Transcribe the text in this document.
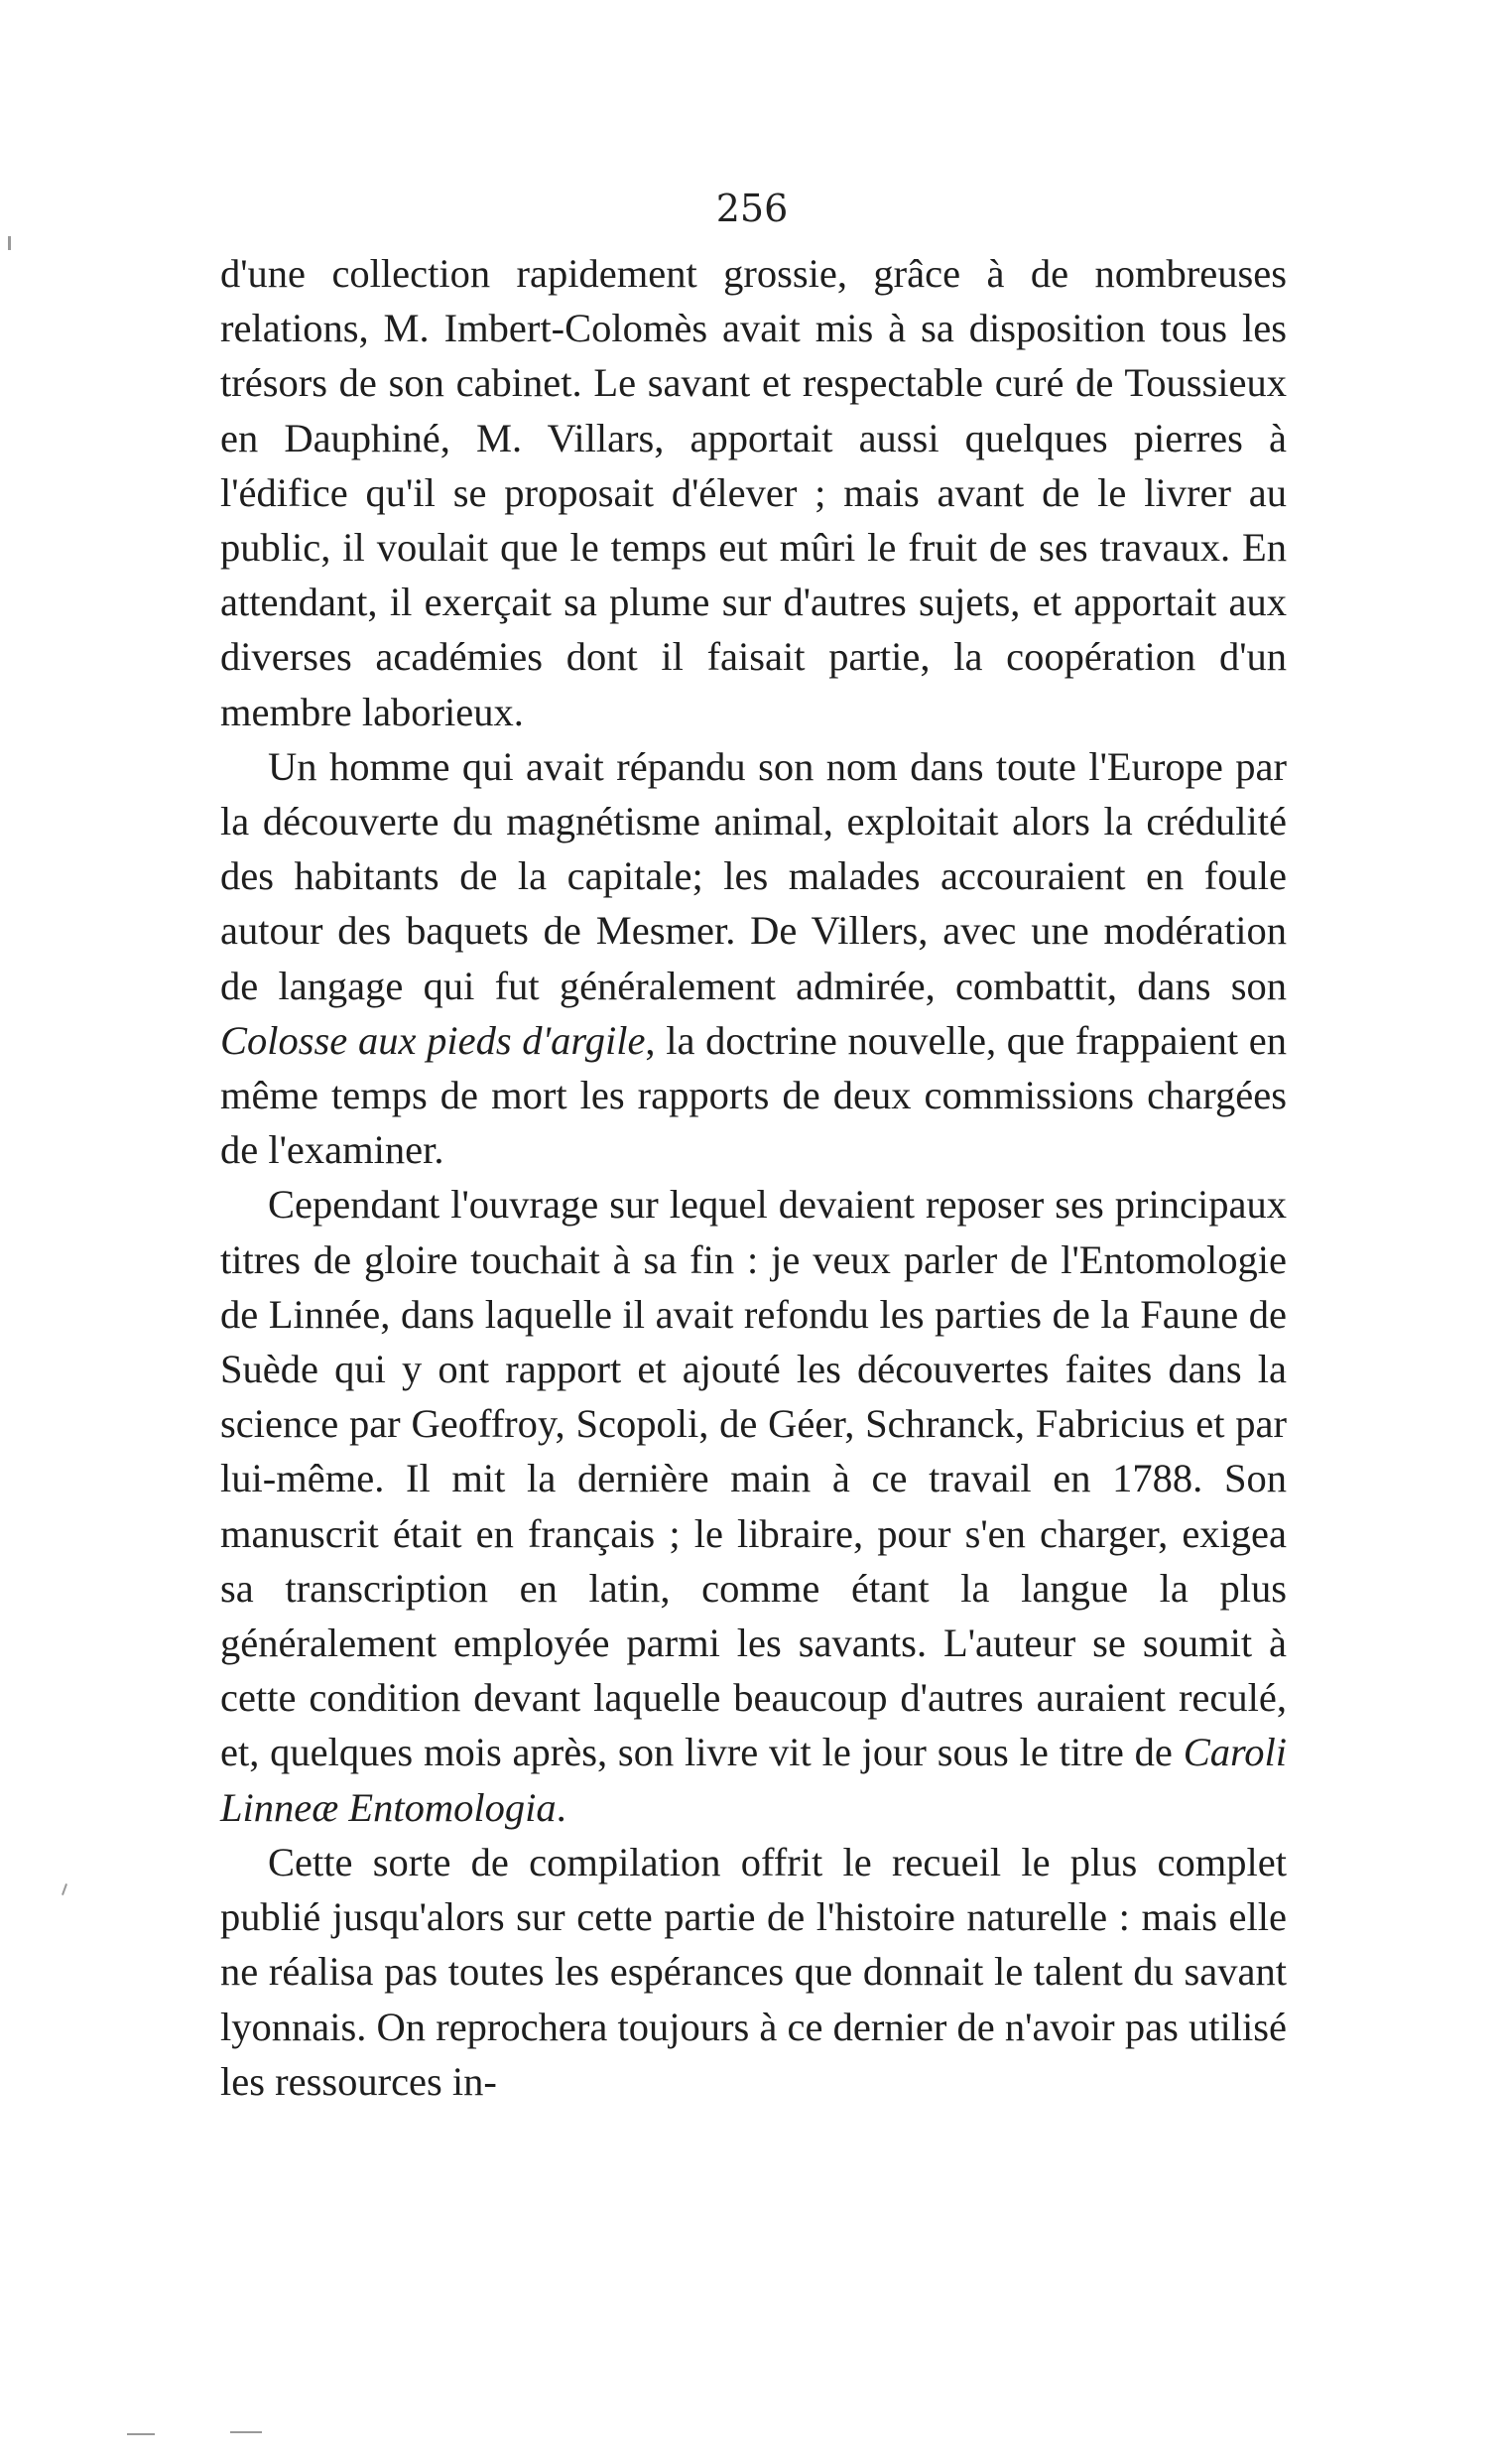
256

d'une collection rapidement grossie, grâce à de nombreuses relations, M. Imbert-Colomès avait mis à sa disposition tous les trésors de son cabinet. Le savant et respectable curé de Toussieux en Dauphiné, M. Villars, apportait aussi quelques pierres à l'édifice qu'il se proposait d'élever ; mais avant de le livrer au public, il voulait que le temps eut mûri le fruit de ses travaux. En attendant, il exerçait sa plume sur d'autres sujets, et apportait aux diverses académies dont il faisait partie, la coopération d'un membre laborieux.

Un homme qui avait répandu son nom dans toute l'Europe par la découverte du magnétisme animal, exploitait alors la crédulité des habitants de la capitale; les malades accouraient en foule autour des baquets de Mesmer. De Villers, avec une modération de langage qui fut généralement admirée, combattit, dans son Colosse aux pieds d'argile, la doctrine nouvelle, que frappaient en même temps de mort les rapports de deux commissions chargées de l'examiner.

Cependant l'ouvrage sur lequel devaient reposer ses principaux titres de gloire touchait à sa fin : je veux parler de l'Entomologie de Linnée, dans laquelle il avait refondu les parties de la Faune de Suède qui y ont rapport et ajouté les découvertes faites dans la science par Geoffroy, Scopoli, de Géer, Schranck, Fabricius et par lui-même. Il mit la dernière main à ce travail en 1788. Son manuscrit était en français ; le libraire, pour s'en charger, exigea sa transcription en latin, comme étant la langue la plus généralement employée parmi les savants. L'auteur se soumit à cette condition devant laquelle beaucoup d'autres auraient reculé, et, quelques mois après, son livre vit le jour sous le titre de Caroli Linneæ Entomologia.

Cette sorte de compilation offrit le recueil le plus complet publié jusqu'alors sur cette partie de l'histoire naturelle : mais elle ne réalisa pas toutes les espérances que donnait le talent du savant lyonnais. On reprochera toujours à ce dernier de n'avoir pas utilisé les ressources in-
